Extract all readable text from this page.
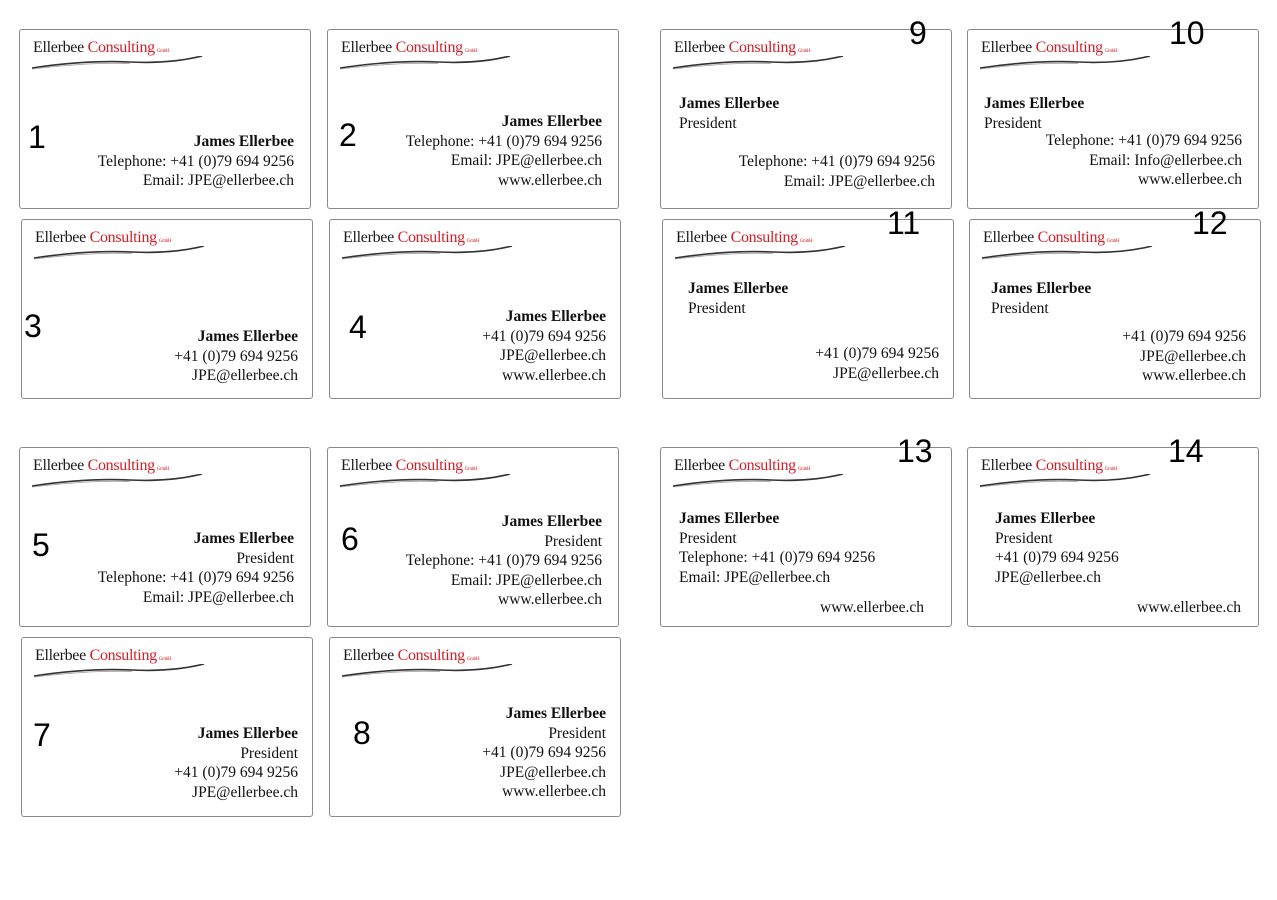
Ellerbee Consulting GmbH
1	James Ellerbee
Telephone: +41 (0)79 694 9256
Email: JPE@ellerbee.ch
Ellerbee Consulting GmbH
2	James Ellerbee
Telephone: +41 (0)79 694 9256
Email: JPE@ellerbee.ch
www.ellerbee.ch
Ellerbee Consulting GmbH
3	James Ellerbee
+41 (0)79 694 9256
JPE@ellerbee.ch
Ellerbee Consulting GmbH
4	James Ellerbee
+41 (0)79 694 9256
JPE@ellerbee.ch
www.ellerbee.ch
Ellerbee Consulting GmbH
5	James Ellerbee
President
Telephone: +41 (0)79 694 9256
Email: JPE@ellerbee.ch
Ellerbee Consulting GmbH
6	James Ellerbee
President
Telephone: +41 (0)79 694 9256
Email: JPE@ellerbee.ch
www.ellerbee.ch
Ellerbee Consulting GmbH
7	James Ellerbee
President
+41 (0)79 694 9256
JPE@ellerbee.ch
Ellerbee Consulting GmbH
8
James Ellerbee
President
+41 (0)79 694 9256
JPE@ellerbee.ch
www.ellerbee.ch
Ellerbee Consulting GmbH
9
James Ellerbee
President
Telephone: +41 (0)79 694 9256
Email: JPE@ellerbee.ch
Ellerbee Consulting GmbH
10
James Ellerbee
President
Telephone: +41 (0)79 694 9256
Email: Info@ellerbee.ch
www.ellerbee.ch
Ellerbee Consulting GmbH
11
James Ellerbee
President
+41 (0)79 694 9256
JPE@ellerbee.ch
Ellerbee Consulting GmbH
12
James Ellerbee
President
+41 (0)79 694 9256
JPE@ellerbee.ch
www.ellerbee.ch
Ellerbee Consulting GmbH
13
James Ellerbee
President
Telephone: +41 (0)79 694 9256
Email: JPE@ellerbee.ch
www.ellerbee.ch
Ellerbee Consulting GmbH
14
James Ellerbee
President
+41 (0)79 694 9256
JPE@ellerbee.ch
www.ellerbee.ch
